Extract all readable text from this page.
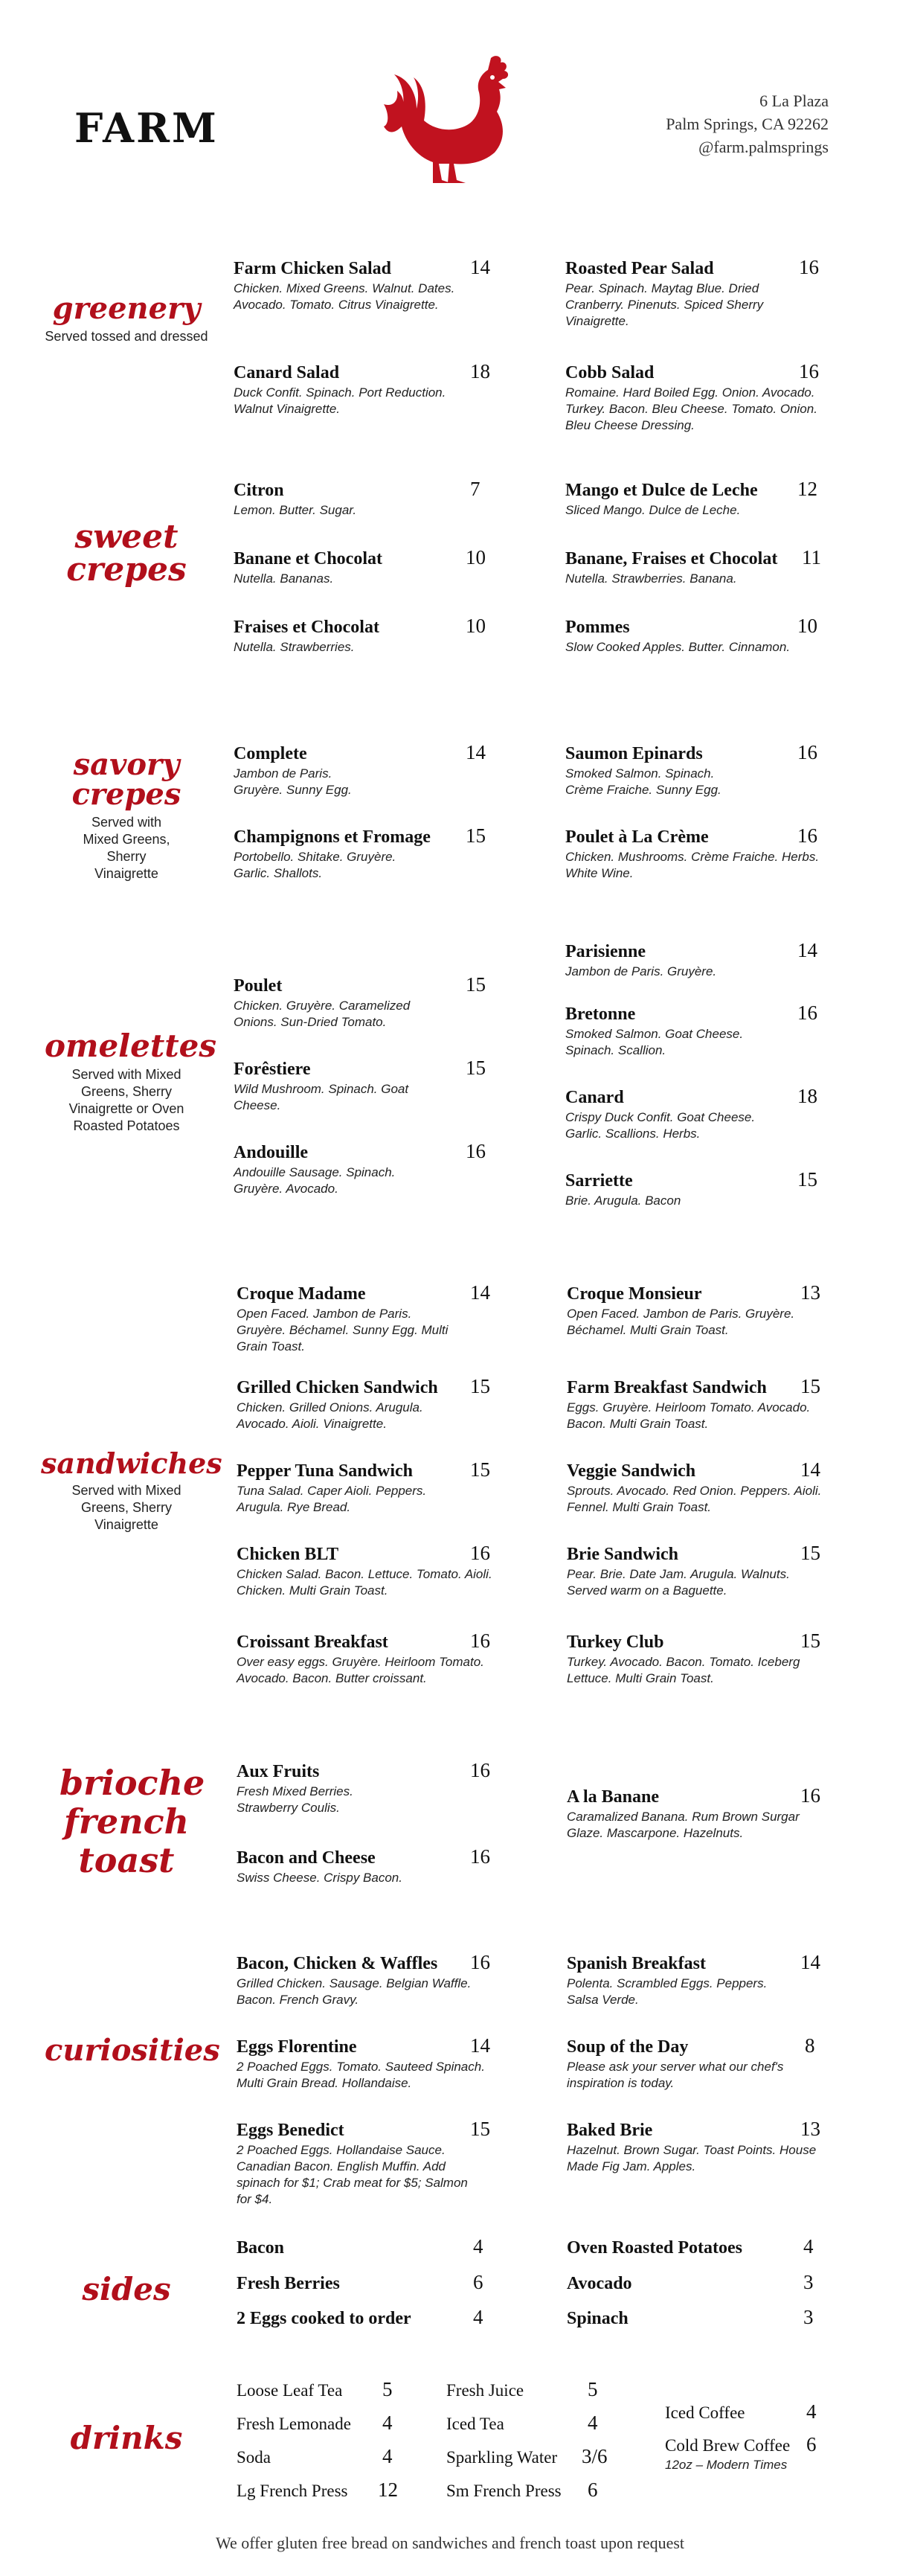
FARM
6 La Plaza
Palm Springs, CA 92262
@farm.palmsprings
greenery
Served tossed and dressed
Farm Chicken Salad	14
Chicken. Mixed Greens. Walnut. Dates. Avocado. Tomato. Citrus Vinaigrette.
Canard Salad	18
Duck Confit. Spinach. Port Reduction. Walnut Vinaigrette.
Roasted Pear Salad	16
Pear. Spinach. Maytag Blue. Dried Cranberry. Pinenuts. Spiced Sherry Vinaigrette.
Cobb Salad	16
Romaine. Hard Boiled Egg. Onion. Avocado. Turkey. Bacon. Bleu Cheese. Tomato. Onion. Bleu Cheese Dressing.
sweet crepes
Citron	7
Lemon. Butter. Sugar.
Banane et Chocolat	10
Nutella. Bananas.
Fraises et Chocolat	10
Nutella. Strawberries.
Mango et Dulce de Leche	12
Sliced Mango. Dulce de Leche.
Banane, Fraises et Chocolat	11
Nutella. Strawberries. Banana.
Pommes	10
Slow Cooked Apples. Butter. Cinnamon.
savory crepes
Served with Mixed Greens, Sherry Vinaigrette
Complete	14
Jambon de Paris. Gruyère. Sunny Egg.
Champignons et Fromage	15
Portobello. Shitake. Gruyère. Garlic. Shallots.
Saumon Epinards	16
Smoked Salmon. Spinach. Crème Fraiche. Sunny Egg.
Poulet à La Crème	16
Chicken. Mushrooms. Crème Fraiche. Herbs. White Wine.
omelettes
Served with Mixed Greens, Sherry Vinaigrette or Oven Roasted Potatoes
Poulet	15
Chicken. Gruyère. Caramelized Onions. Sun-Dried Tomato.
Forêstiere	15
Wild Mushroom. Spinach. Goat Cheese.
Andouille	16
Andouille Sausage. Spinach. Gruyère. Avocado.
Parisienne	14
Jambon de Paris. Gruyère.
Bretonne	16
Smoked Salmon. Goat Cheese. Spinach. Scallion.
Canard	18
Crispy Duck Confit. Goat Cheese. Garlic. Scallions. Herbs.
Sarriette	15
Brie. Arugula. Bacon
sandwiches
Served with Mixed Greens, Sherry Vinaigrette
Croque Madame	14
Open Faced. Jambon de Paris. Gruyère. Béchamel. Sunny Egg. Multi Grain Toast.
Grilled Chicken Sandwich	15
Chicken. Grilled Onions. Arugula. Avocado. Aioli. Vinaigrette.
Pepper Tuna Sandwich	15
Tuna Salad. Caper Aioli. Peppers. Arugula. Rye Bread.
Chicken BLT	16
Chicken Salad. Bacon. Lettuce. Tomato. Aioli. Chicken. Multi Grain Toast.
Croissant Breakfast	16
Over easy eggs. Gruyère. Heirloom Tomato. Avocado. Bacon. Butter croissant.
Croque Monsieur	13
Open Faced. Jambon de Paris. Gruyère. Béchamel. Multi Grain Toast.
Farm Breakfast Sandwich	15
Eggs. Gruyère. Heirloom Tomato. Avocado. Bacon. Multi Grain Toast.
Veggie Sandwich	14
Sprouts. Avocado. Red Onion. Peppers. Aioli. Fennel. Multi Grain Toast.
Brie Sandwich	15
Pear. Brie. Date Jam. Arugula. Walnuts. Served warm on a Baguette.
Turkey Club	15
Turkey. Avocado. Bacon. Tomato. Iceberg Lettuce. Multi Grain Toast.
brioche french toast
Aux Fruits	16
Fresh Mixed Berries. Strawberry Coulis.
Bacon and Cheese	16
Swiss Cheese. Crispy Bacon.
A la Banane	16
Caramalized Banana. Rum Brown Surgar Glaze. Mascarpone. Hazelnuts.
curiosities
Bacon, Chicken & Waffles	16
Grilled Chicken. Sausage. Belgian Waffle. Bacon. French Gravy.
Eggs Florentine	14
2 Poached Eggs. Tomato. Sauteed Spinach. Multi Grain Bread. Hollandaise.
Eggs Benedict	15
2 Poached Eggs. Hollandaise Sauce. Canadian Bacon. English Muffin. Add spinach for $1; Crab meat for $5; Salmon for $4.
Spanish Breakfast	14
Polenta. Scrambled Eggs. Peppers. Salsa Verde.
Soup of the Day	8
Please ask your server what our chef's inspiration is today.
Baked Brie	13
Hazelnut. Brown Sugar. Toast Points. House Made Fig Jam. Apples.
sides
Bacon	4
Fresh Berries	6
2 Eggs cooked to order	4
Oven Roasted Potatoes	4
Avocado	3
Spinach	3
drinks
Loose Leaf Tea	5
Fresh Lemonade	4
Soda	4
Lg French Press	12
Fresh Juice	5
Iced Tea	4
Sparkling Water	3/6
Sm French Press	6
Iced Coffee	4
Cold Brew Coffee 6
12oz – Modern Times
We offer gluten free bread on sandwiches and french toast upon request
